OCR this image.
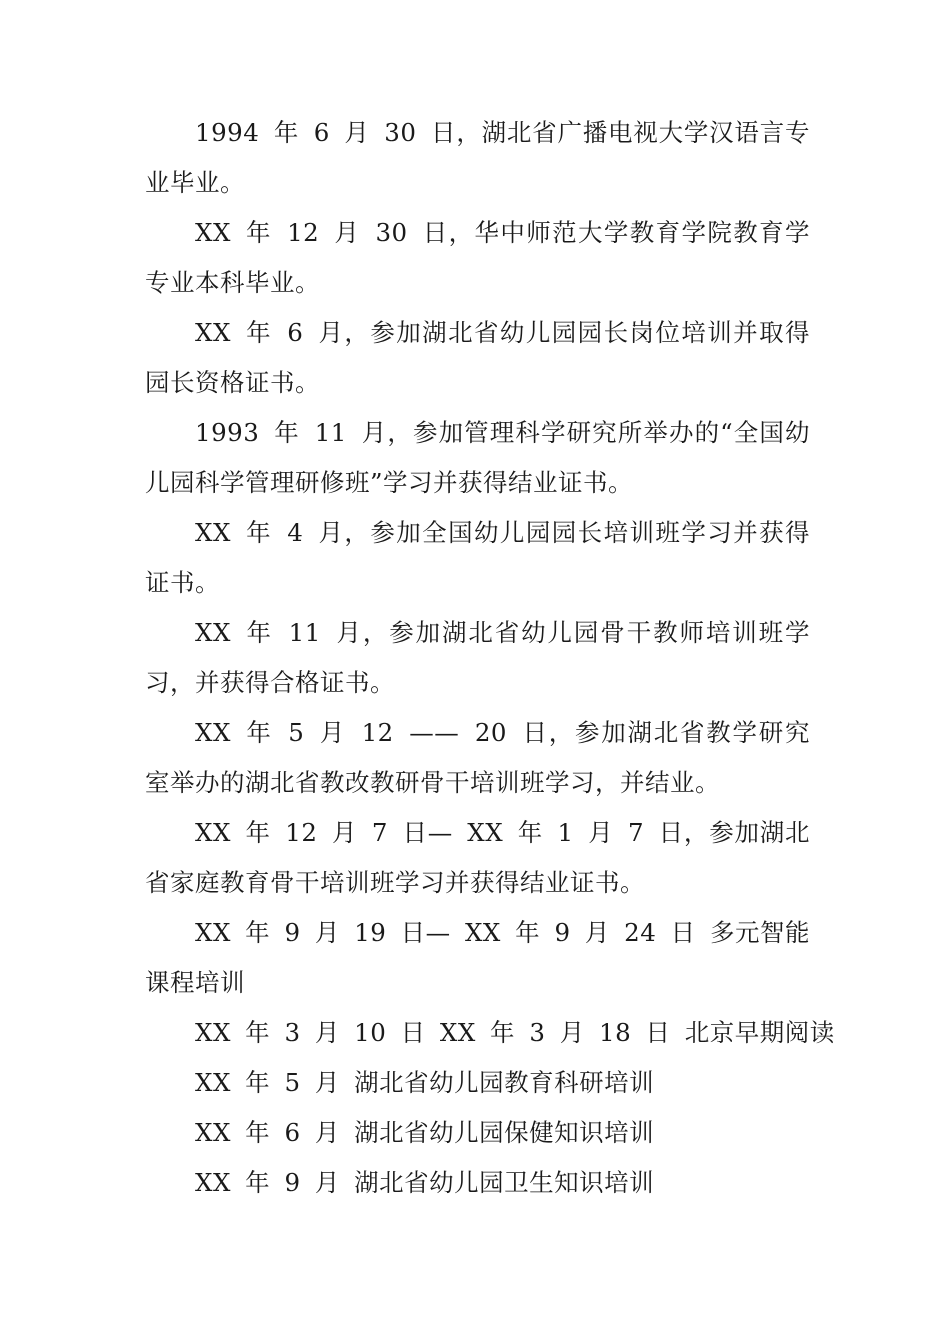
1994 年 6 月 30 日，湖北省广播电视大学汉语言专业毕业。

XX 年 12 月 30 日，华中师范大学教育学院教育学专业本科毕业。

XX 年 6 月，参加湖北省幼儿园园长岗位培训并取得园长资格证书。

1993 年 11 月，参加管理科学研究所举办的“全国幼儿园科学管理研修班”学习并获得结业证书。

XX 年 4 月，参加全国幼儿园园长培训班学习并获得证书。

XX 年 11 月，参加湖北省幼儿园骨干教师培训班学习，并获得合格证书。

XX 年 5 月 12 —— 20 日，参加湖北省教学研究室举办的湖北省教改教研骨干培训班学习，并结业。

XX 年 12 月 7 日— XX 年 1 月 7 日，参加湖北省家庭教育骨干培训班学习并获得结业证书。

XX 年 9 月 19 日— XX 年 9 月 24 日 多元智能课程培训

XX 年 3 月 10 日 XX 年 3 月 18 日 北京早期阅读

XX 年 5 月 湖北省幼儿园教育科研培训

XX 年 6 月 湖北省幼儿园保健知识培训

XX 年 9 月 湖北省幼儿园卫生知识培训
